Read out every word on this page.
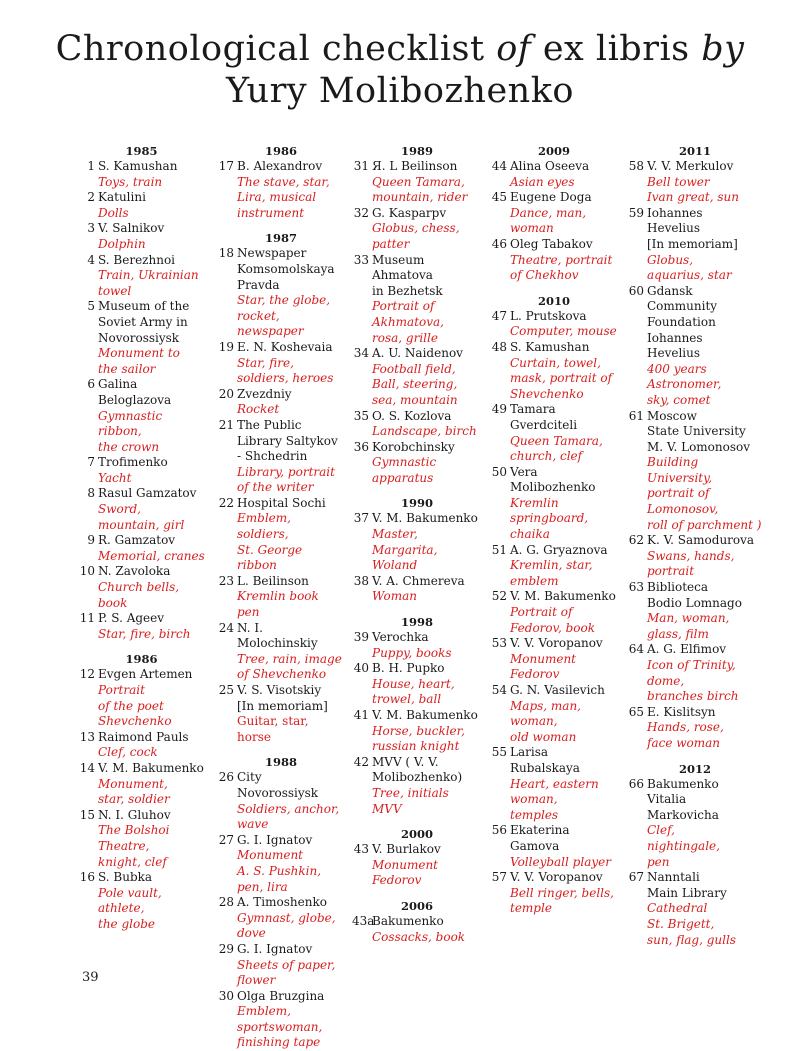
Chronological checklist of ex libris by
Yury Molibozhenko
1985
1 S. Kamushan
Toys, train
2 Katulini
Dolls
3 V. Salnikov
Dolphin
4 S. Berezhnoi
Train, Ukrainian
towel
5 Museum of the
Soviet Army in
Novorossiysk
Monument to
the sailor
6 Galina
Beloglazova
Gymnastic
ribbon,
the crown
7 Trofimenko
Yacht
8 Rasul Gamzatov
Sword,
mountain, girl
9 R. Gamzatov
Memorial, cranes
10 N. Zavoloka
Church bells,
book
11 P. S. Ageev
Star, fire, birch
1986
12 Evgen Artemen
Portrait
of the poet
Shevchenko
13 Raimond Pauls
Clef, cock
14 V. M. Bakumenko
Monument,
star, soldier
15 N. I. Gluhov
The Bolshoi
Theatre,
knight, clef
16 S. Bubka
Pole vault,
athlete,
the globe
1986
17 B. Alexandrov
The stave, star,
Lira, musical
instrument
1987
18 Newspaper
Komsomolskaya
Pravda
Star, the globe,
rocket, newspaper
19 E. N. Koshevaia
Star, fire,
soldiers, heroes
20 Zvezdniy
Rocket
21 The Public
Library Saltykov
- Shchedrin
Library, portrait
of the writer
22 Hospital Sochi
Emblem, soldiers,
St. George ribbon
23 L. Beilinson
Kremlin book pen
24 N. I. Molochinskiy
Tree, rain, image
of Shevchenko
25 V. S. Visotskiy
[In memoriam]
Guitar, star, horse
1988
26 City Novorossiysk
Soldiers, anchor,
wave
27 G. I. Ignatov
Monument
A. S. Pushkin,
pen, lira
28 A. Timoshenko
Gymnast, globe,
dove
29 G. I. Ignatov
Sheets of paper,
flower
30 Olga Bruzgina
Emblem,
sportswoman,
finishing tape
1989
31 Я. L Beilinson
Queen Tamara,
mountain, rider
32 G. Kasparpv
Globus, chess,
patter
33 Museum
Ahmatova
in Bezhetsk
Portrait of
Akhmatova,
rosa, grille
34 A. U. Naidenov
Football field,
Ball, steering,
sea, mountain
35 O. S. Kozlova
Landscape, birch
36 Korobchinsky
Gymnastic
apparatus
1990
37 V. M. Bakumenko
Master, Margarita,
Woland
38 V. A. Chmereva
Woman
1998
39 Verochka
Puppy, books
40 B. H. Pupko
House, heart,
trowel, ball
41 V. M. Bakumenko
Horse, buckler,
russian knight
42 MVV ( V. V.
Molibozhenko)
Tree, initials MVV
2000
43 V. Burlakov
Monument
Fedorov
2006
43a
Bakumenko
Cossacks, book
2009
44 Alina Oseeva
Asian eyes
45 Eugene Doga
Dance, man,
woman
46 Oleg Tabakov
Theatre, portrait
of Chekhov
2010
47 L. Prutskova
Computer, mouse
48 S. Kamushan
Curtain, towel,
mask, portrait of
Shevchenko
49 Tamara
Gverdciteli
Queen Tamara,
church, clef
50 Vera
Molibozhenko
Kremlin
springboard,
chaika
51 A. G. Gryaznova
Kremlin, star,
emblem
52 V. M. Bakumenko
Portrait of
Fedorov, book
53 V. V. Voropanov
Monument
Fedorov
54 G. N. Vasilevich
Maps, man,
woman,
old woman
55 Larisa
Rubalskaya
Heart, eastern
woman,
temples
56 Ekaterina
Gamova
Volleyball player
57 V. V. Voropanov
Bell ringer, bells,
temple
2011
58 V. V. Merkulov
Bell tower
Ivan great, sun
59 Iohannes
Hevelius
[In memoriam]
Globus,
aquarius, star
60 Gdansk
Community
Foundation
Iohannes
Hevelius
400 years
Astronomer,
sky, comet
61 Moscow
State University
M. V. Lomonosov
Building University,
portrait of
Lomonosov,
roll of parchment )
62 K. V. Samodurova
Swans, hands,
portrait
63 Biblioteca
Bodio Lomnago
Man, woman,
glass, film
64 A. G. Elfimov
Icon of Trinity,
dome,
branches birch
65 E. Kislitsyn
Hands, rose,
face woman
2012
66 Bakumenko
Vitalia
Markovicha
Clef,
nightingale,
pen
67 Nanntali
Main Library
Cathedral
St. Brigett,
sun, flag, gulls
39
